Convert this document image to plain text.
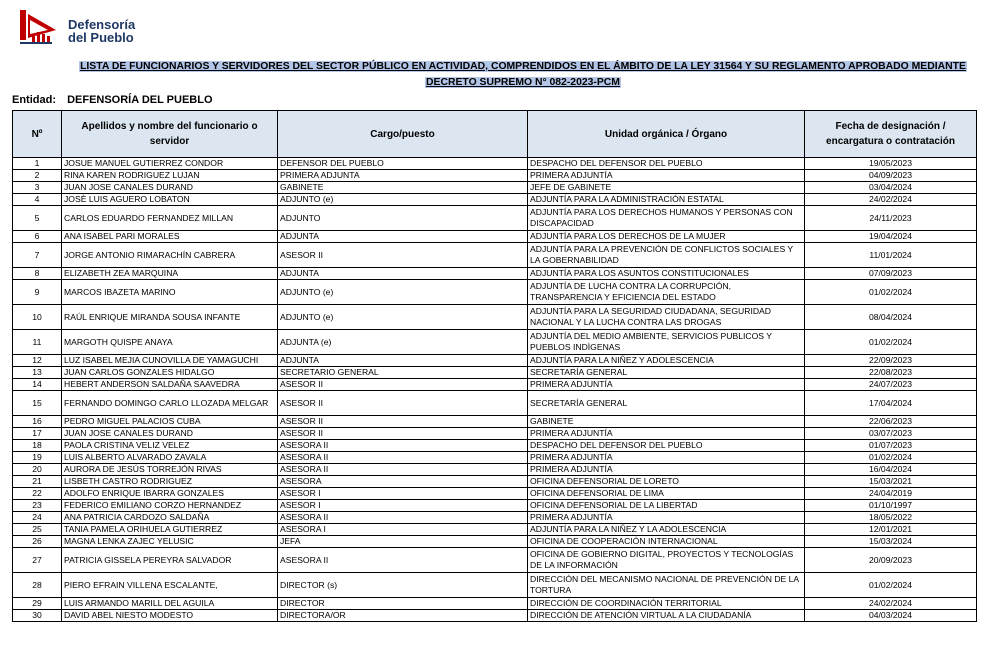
Defensoría
del Pueblo
LISTA DE FUNCIONARIOS Y SERVIDORES DEL SECTOR PÚBLICO EN ACTIVIDAD, COMPRENDIDOS EN EL ÁMBITO DE LA LEY 31564 Y SU REGLAMENTO APROBADO MEDIANTE
DECRETO SUPREMO N° 082-2023-PCM
Entidad: DEFENSORÍA DEL PUEBLO
Nº	Apellidos y nombre del funcionario o servidor	Cargo/puesto	Unidad orgánica / Órgano	Fecha de designación / encargatura o contratación
1	JOSUE MANUEL GUTIERREZ CONDOR	DEFENSOR DEL PUEBLO	DESPACHO DEL DEFENSOR DEL PUEBLO	19/05/2023
2	RINA KAREN RODRIGUEZ LUJAN	PRIMERA ADJUNTA	PRIMERA ADJUNTÍA	04/09/2023
3	JUAN JOSE CANALES DURAND	GABINETE	JEFE DE GABINETE	03/04/2024
4	JOSÈ LUIS AGUERO LOBATON	ADJUNTO (e)	ADJUNTÍA PARA LA ADMINISTRACIÓN ESTATAL	24/02/2024
5	CARLOS EDUARDO FERNANDEZ MILLAN	ADJUNTO	ADJUNTÍA PARA LOS DERECHOS HUMANOS Y PERSONAS CON DISCAPACIDAD	24/11/2023
6	ANA ISABEL PARI MORALES	ADJUNTA	ADJUNTÍA PARA LOS DERECHOS DE LA MUJER	19/04/2024
7	JORGE ANTONIO RIMARACHÍN CABRERA	ASESOR II	ADJUNTÍA PARA LA PREVENCIÓN DE CONFLICTOS SOCIALES Y LA GOBERNABILIDAD	11/01/2024
8	ELIZABETH ZEA MARQUINA	ADJUNTA	ADJUNTÍA PARA LOS ASUNTOS CONSTITUCIONALES	07/09/2023
9	MARCOS IBAZETA MARINO	ADJUNTO (e)	ADJUNTÍA DE LUCHA CONTRA LA CORRUPCIÓN, TRANSPARENCIA Y EFICIENCIA DEL ESTADO	01/02/2024
10	RAÚL ENRIQUE MIRANDA SOUSA INFANTE	ADJUNTO (e)	ADJUNTÍA PARA LA SEGURIDAD CIUDADANA, SEGURIDAD NACIONAL Y LA LUCHA CONTRA LAS DROGAS	08/04/2024
11	MARGOTH QUISPE ANAYA	ADJUNTA (e)	ADJUNTÍA DEL MEDIO AMBIENTE, SERVICIOS PUBLICOS Y PUEBLOS INDÌGENAS	01/02/2024
12	LUZ ISABEL MEJIA CUNOVILLA DE YAMAGUCHI	ADJUNTA	ADJUNTÍA PARA LA NIÑEZ Y ADOLESCENCIA	22/09/2023
13	JUAN CARLOS GONZALES HIDALGO	SECRETARIO GENERAL	SECRETARÍA GENERAL	22/08/2023
14	HEBERT ANDERSON SALDAÑA SAAVEDRA	ASESOR II	PRIMERA ADJUNTÍA	24/07/2023
15	FERNANDO DOMINGO CARLO LLOZADA MELGAR	ASESOR II	SECRETARÍA GENERAL	17/04/2024
16	PEDRO MIGUEL PALACIOS CUBA	ASESOR II	GABINETE	22/06/2023
17	JUAN JOSE CANALES DURAND	ASESOR II	PRIMERA ADJUNTÍA	03/07/2023
18	PAOLA CRISTINA VELIZ VELEZ	ASESORA II	DESPACHO DEL DEFENSOR DEL PUEBLO	01/07/2023
19	LUIS ALBERTO ALVARADO ZAVALA	ASESORA II	PRIMERA ADJUNTÍA	01/02/2024
20	AURORA DE JESÚS TORREJÓN RIVAS	ASESORA II	PRIMERA ADJUNTÍA	16/04/2024
21	LISBETH CASTRO RODRIGUEZ	ASESORA	OFICINA DEFENSORIAL DE LORETO	15/03/2021
22	ADOLFO ENRIQUE IBARRA GONZALES	ASESOR I	OFICINA DEFENSORIAL DE LIMA	24/04/2019
23	FEDERICO EMILIANO CORZO HERNANDEZ	ASESOR I	OFICINA DEFENSORIAL DE LA LIBERTAD	01/10/1997
24	ANA PATRICIA CARDOZO SALDAÑA	ASESORA II	PRIMERA ADJUNTÍA	18/05/2022
25	TANIA PAMELA ORIHUELA GUTIERREZ	ASESORA I	ADJUNTÍA PARA LA NIÑEZ Y LA ADOLESCENCIA	12/01/2021
26	MAGNA LENKA ZAJEC YELUSIC	JEFA	OFICINA DE COOPERACIÓN INTERNACIONAL	15/03/2024
27	PATRICIA GISSELA PEREYRA SALVADOR	ASESORA II	OFICINA DE GOBIERNO DIGITAL, PROYECTOS Y TECNOLOGÍAS DE LA INFORMACIÓN	20/09/2023
28	PIERO EFRAIN VILLENA ESCALANTE,	DIRECTOR (s)	DIRECCIÓN DEL MECANISMO NACIONAL DE PREVENCIÓN DE LA TORTURA	01/02/2024
29	LUIS ARMANDO MARILL DEL AGUILA	DIRECTOR	DIRECCIÓN DE COORDINACIÓN TERRITORIAL	24/02/2024
30	DAVID ABEL NIESTO MODESTO	DIRECTORA/OR	DIRECCIÓN DE ATENCIÓN VIRTUAL A LA CIUDADANÍA	04/03/2024
